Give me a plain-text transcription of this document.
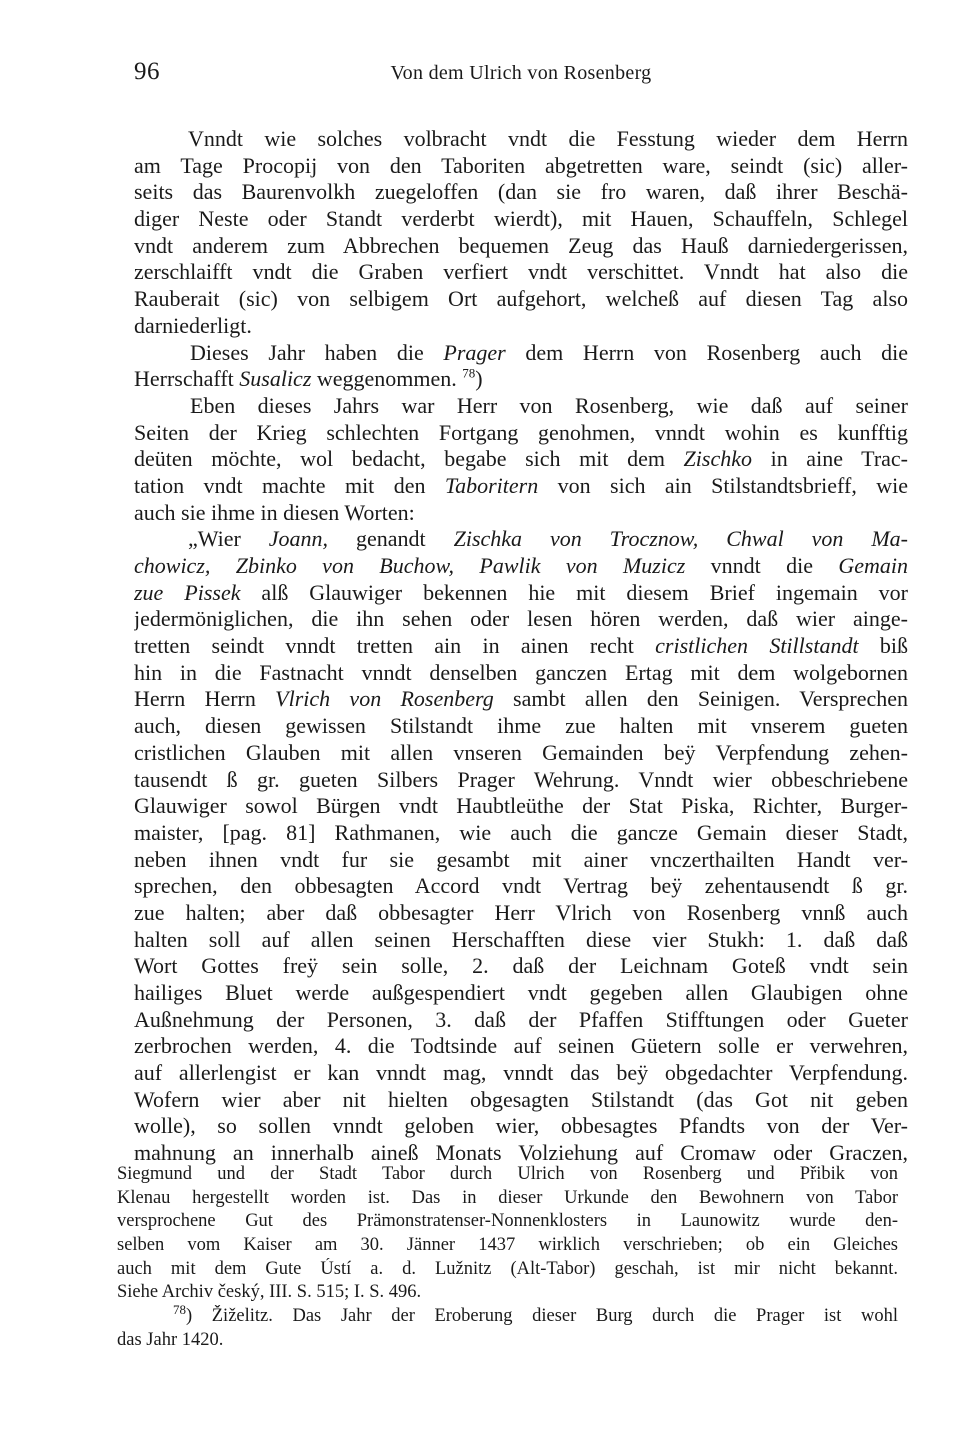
96	Von dem Ulrich von Rosenberg
Vnndt wie solches volbracht vndt die Fesstung wieder dem Herrn
am Tage Procopij von den Taboriten abgetretten ware, seindt (sic) aller-
seits das Baurenvolkh zuegeloffen (dan sie fro waren, daß ihrer Beschä-
diger Neste oder Standt verderbt wierdt), mit Hauen, Schauffeln, Schlegel
vndt anderem zum Abbrechen bequemen Zeug das Hauß darniedergerissen,
zerschlaifft vndt die Graben verfiert vndt verschittet. Vnndt hat also die
Rauberait (sic) von selbigem Ort aufgehort, welcheß auf diesen Tag also
darniederligt.
Dieses Jahr haben die Prager dem Herrn von Rosenberg auch die
Herrschafft Susalicz weggenommen. $^{78}$)
Eben dieses Jahrs war Herr von Rosenberg, wie daß auf seiner
Seiten der Krieg schlechten Fortgang genohmen, vnndt wohin es kunfftig
deüten möchte, wol bedacht, begabe sich mit dem Zischko in aine Trac-
tation vndt machte mit den Taboritern von sich ain Stilstandtsbrieff, wie
auch sie ihme in diesen Worten:
„Wier Joann, genandt Zischka von Trocznow, Chwal von Ma-
chowicz, Zbinko von Buchow, Pawlik von Muzicz vnndt die Gemain
zue Pissek alß Glauwiger bekennen hie mit diesem Brief ingemain vor
jedermöniglichen, die ihn sehen oder lesen hören werden, daß wier ainge-
tretten seindt vnndt tretten ain in ainen recht cristlichen Stillstandt biß
hin in die Fastnacht vnndt denselben ganczen Ertag mit dem wolgebornen
Herrn Herrn Vlrich von Rosenberg sambt allen den Seinigen. Versprechen
auch, diesen gewissen Stilstandt ihme zue halten mit vnserem gueten
cristlichen Glauben mit allen vnseren Gemainden beÿ Verpfendung zehen-
tausendt ß gr. gueten Silbers Prager Wehrung. Vnndt wier obbeschriebene
Glauwiger sowol Bürgen vndt Haubtleüthe der Stat Piska, Richter, Burger-
maister, [pag. 81] Rathmanen, wie auch die gancze Gemain dieser Stadt,
neben ihnen vndt fur sie gesambt mit ainer vnczerthailten Handt ver-
sprechen, den obbesagten Accord vndt Vertrag beÿ zehentausendt ß gr.
zue halten; aber daß obbesagter Herr Vlrich von Rosenberg vnnß auch
halten soll auf allen seinen Herschafften diese vier Stukh: 1. daß daß
Wort Gottes freÿ sein solle, 2. daß der Leichnam Goteß vndt sein
hailiges Bluet werde außgespendiert vndt gegeben allen Glaubigen ohne
Außnehmung der Personen, 3. daß der Pfaffen Stifftungen oder Gueter
zerbrochen werden, 4. die Todtsinde auf seinen Güetern solle er verwehren,
auf allerlengist er kan vnndt mag, vnndt das beÿ obgedachter Verpfendung.
Wofern wier aber nit hielten obgesagten Stilstandt (das Got nit geben
wolle), so sollen vnndt geloben wier, obbesagtes Pfandts von der Ver-
mahnung an innerhalb aineß Monats Volziehung auf Cromaw oder Graczen,
Siegmund und der Stadt Tabor durch Ulrich von Rosenberg und Přibik von
Klenau hergestellt worden ist. Das in dieser Urkunde den Bewohnern von Tabor
versprochene Gut des Prämonstratenser-Nonnenklosters in Launowitz wurde den-
selben vom Kaiser am 30. Jänner 1437 wirklich verschrieben; ob ein Gleiches
auch mit dem Gute Ústí a. d. Lužnitz (Alt-Tabor) geschah, ist mir nicht bekannt.
Siehe Archiv český, III. S. 515; I. S. 496.
$^{78}$) Žiželitz. Das Jahr der Eroberung dieser Burg durch die Prager ist wohl
das Jahr 1420.
